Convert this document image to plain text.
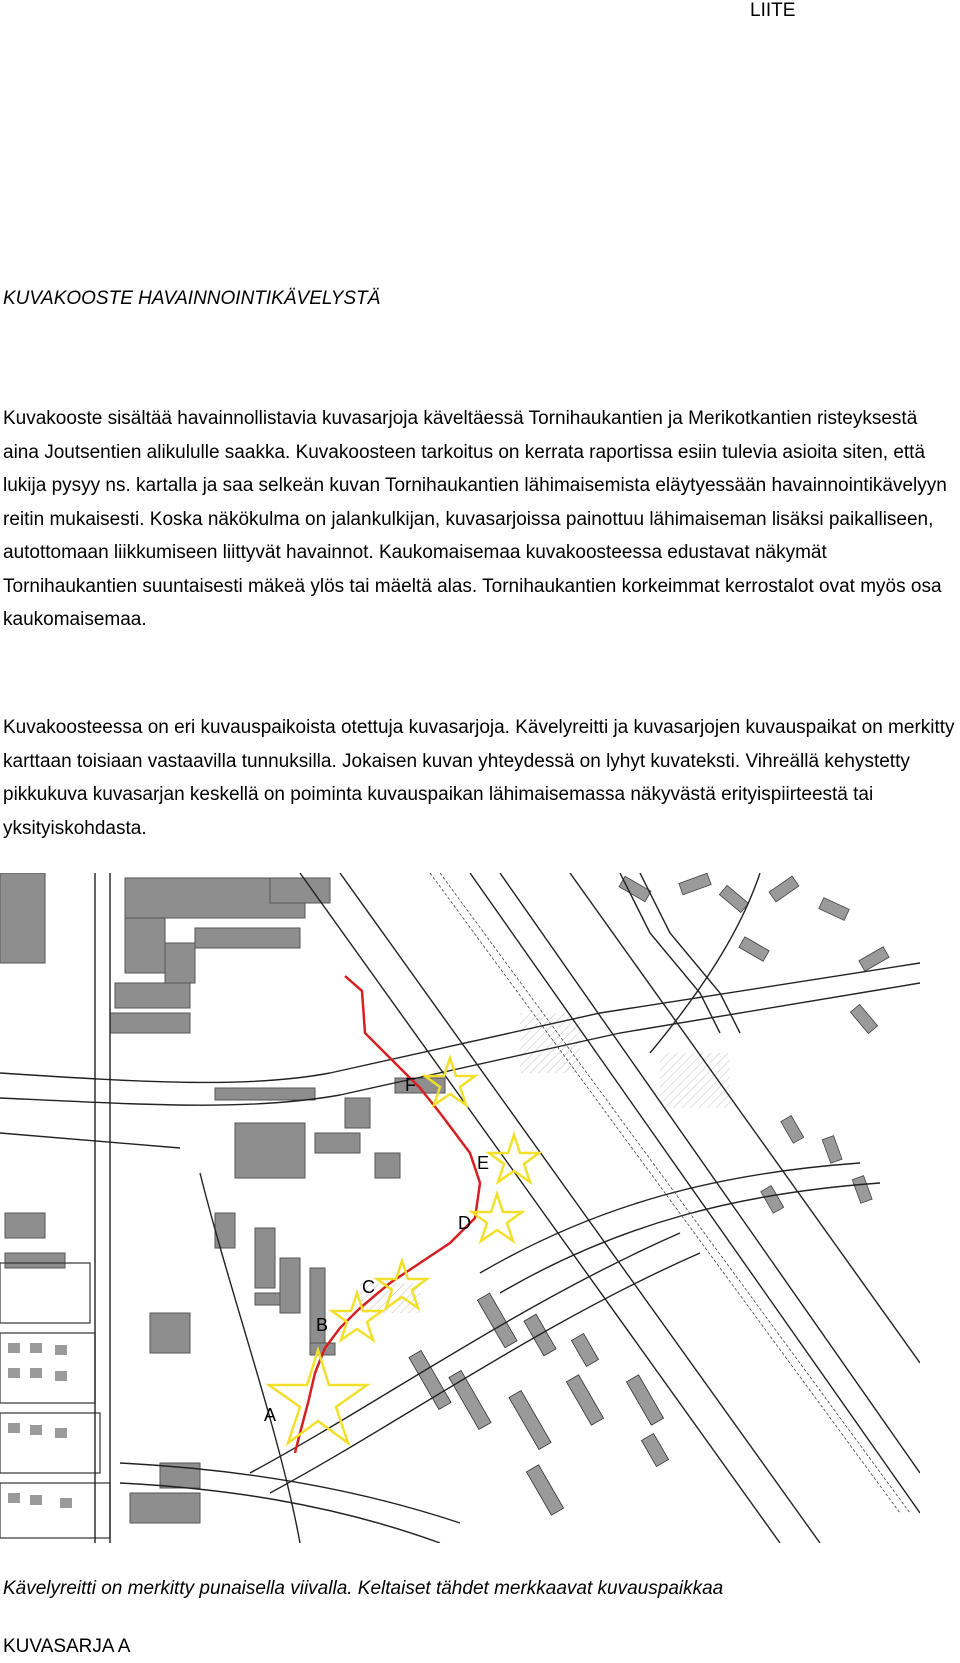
LIITE
KUVAKOOSTE HAVAINNOINTIKÄVELYSTÄ

Kuvakooste sisältää havainnollistavia kuvasarjoja käveltäessä Tornihaukantien ja Merikotkantien risteyksestä aina Joutsentien alikululle saakka. Kuvakoosteen tarkoitus on kerrata raportissa esiin tulevia asioita siten, että lukija pysyy ns. kartalla ja saa selkeän kuvan Tornihaukantien lähimaisemista eläytyessään havainnointikävelyyn reitin mukaisesti. Koska näkökulma on jalankulkijan, kuvasarjoissa painottuu lähimaiseman lisäksi paikalliseen, autottomaan liikkumiseen liittyvät havainnot. Kaukomaisemaa kuvakoosteessa edustavat näkymät Tornihaukantien suuntaisesti mäkeä ylös tai mäeltä alas. Tornihaukantien korkeimmat kerrostalot ovat myös osa kaukomaisemaa.

Kuvakoosteessa on eri kuvauspaikoista otettuja kuvasarjoja. Kävelyreitti ja kuvasarjojen kuvauspaikat on merkitty karttaan toisiaan vastaavilla tunnuksilla. Jokaisen kuvan yhteydessä on lyhyt kuvateksti. Vihreällä kehystetty pikkukuva kuvasarjan keskellä on poiminta kuvauspaikan lähimaisemassa näkyvästä erityispiirteestä tai yksityiskohdasta.

F
E
D
C
B
A
Kävelyreitti on merkitty punaisella viivalla. Keltaiset tähdet merkkaavat kuvauspaikkaa
KUVASARJA A
